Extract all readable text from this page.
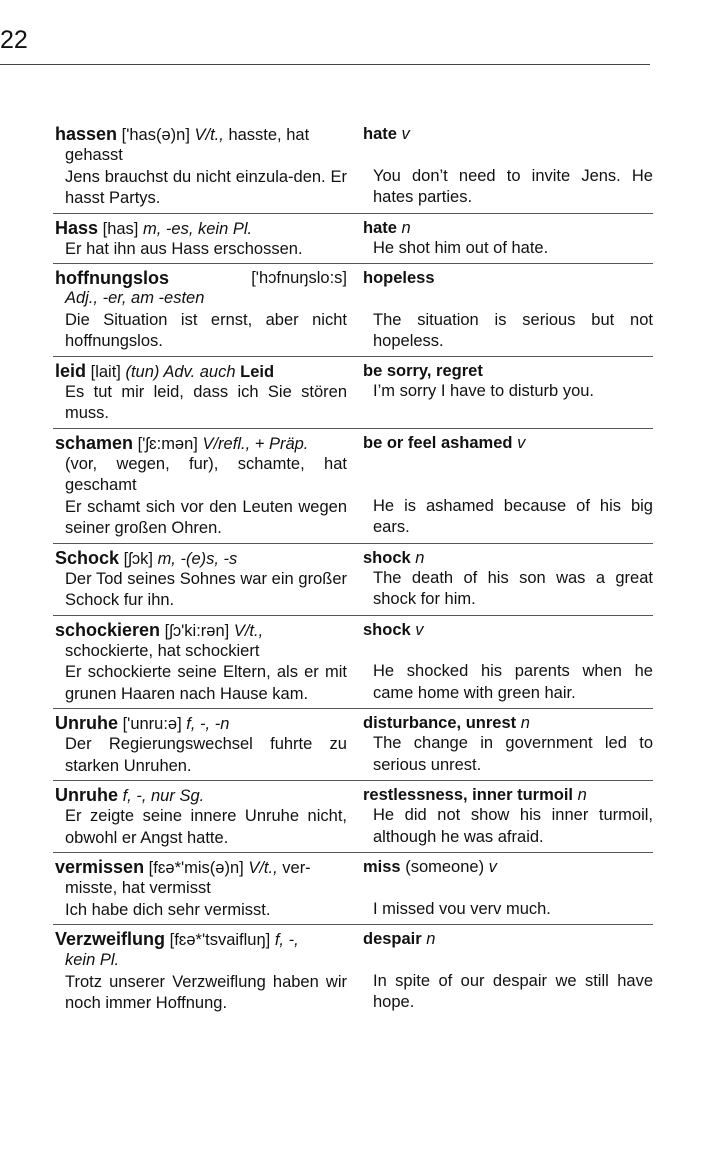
22
hassen ['has(ə)n] V/t., hasste, hat
gehasst
Jens brauchst du nicht einzula-den. Er hasst Partys.
hate v
You don’t need to invite Jens. He hates parties.
Hass [has] m, -es, kein Pl.
Er hat ihn aus Hass erschossen.
hate n
He shot him out of hate.
hoffnungslos	['hɔfnuŋslo:s]
Adj., -er, am -esten
Die Situation ist ernst, aber nicht hoffnungslos.
hopeless
The situation is serious but not hopeless.
leid [lait] (tun) Adv. auch Leid
Es tut mir leid, dass ich Sie stören muss.
be sorry, regret
I’m sorry I have to disturb you.
schamen ['ʃɛ:mən] V/refl., + Präp.
(vor, wegen, fur), schamte, hat geschamt
Er schamt sich vor den Leuten wegen seiner großen Ohren.
be or feel ashamed v
He is ashamed because of his big ears.
Schock [ʃɔk] m, -(e)s, -s
Der Tod seines Sohnes war ein großer Schock fur ihn.
shock n
The death of his son was a great shock for him.
schockieren [ʃɔ'ki:rən] V/t.,
schockierte, hat schockiert
Er schockierte seine Eltern, als er mit grunen Haaren nach Hause kam.
shock v
He shocked his parents when he came home with green hair.
Unruhe ['unru:ə] f, -, -n
Der Regierungswechsel fuhrte zu starken Unruhen.
disturbance, unrest n
The change in government led to serious unrest.
Unruhe f, -, nur Sg.
Er zeigte seine innere Unruhe nicht, obwohl er Angst hatte.
restlessness, inner turmoil n
He did not show his inner turmoil, although he was afraid.
vermissen [fɛə*'mis(ə)n] V/t., ver-
misste, hat vermisst
Ich habe dich sehr vermisst.
miss (someone) v
I missed vou verv much.
Verzweiflung [fɛə*'tsvaifluŋ] f, -,
kein Pl.
Trotz unserer Verzweiflung haben wir noch immer Hoffnung.
despair n
In spite of our despair we still have hope.
